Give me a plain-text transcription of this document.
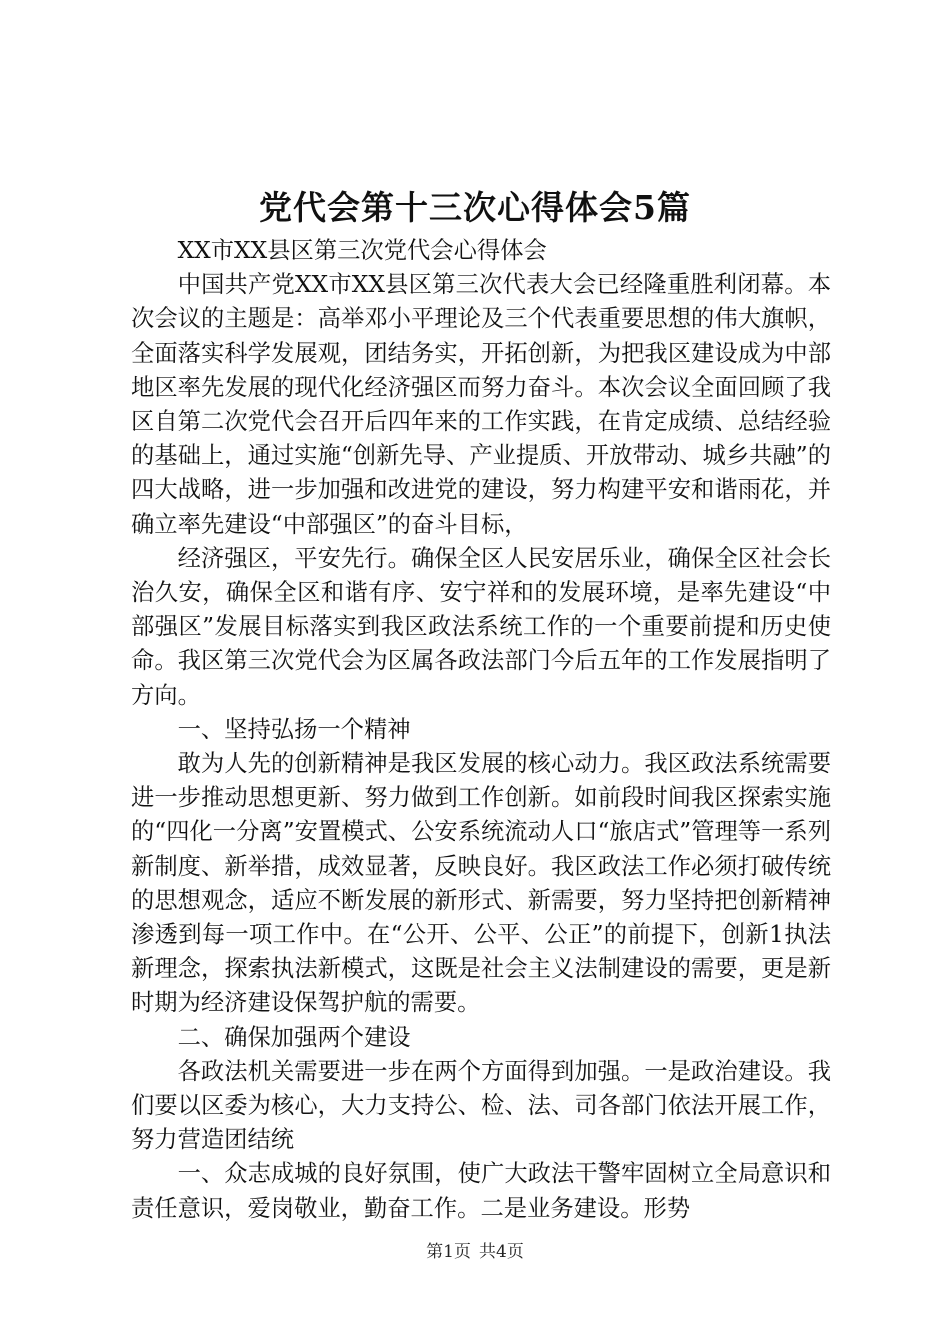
党代会第十三次心得体会5篇

XX市XX县区第三次党代会心得体会

中国共产党XX市XX县区第三次代表大会已经隆重胜利闭幕。本次会议的主题是：高举邓小平理论及三个代表重要思想的伟大旗帜，全面落实科学发展观，团结务实，开拓创新，为把我区建设成为中部地区率先发展的现代化经济强区而努力奋斗。本次会议全面回顾了我区自第二次党代会召开后四年来的工作实践，在肯定成绩、总结经验的基础上，通过实施“创新先导、产业提质、开放带动、城乡共融”的四大战略，进一步加强和改进党的建设，努力构建平安和谐雨花，并确立率先建设“中部强区”的奋斗目标，

经济强区，平安先行。确保全区人民安居乐业，确保全区社会长治久安，确保全区和谐有序、安宁祥和的发展环境，是率先建设“中部强区”发展目标落实到我区政法系统工作的一个重要前提和历史使命。我区第三次党代会为区属各政法部门今后五年的工作发展指明了方向。

一、坚持弘扬一个精神

敢为人先的创新精神是我区发展的核心动力。我区政法系统需要进一步推动思想更新、努力做到工作创新。如前段时间我区探索实施的“四化一分离”安置模式、公安系统流动人口“旅店式”管理等一系列新制度、新举措，成效显著，反映良好。我区政法工作必须打破传统的思想观念，适应不断发展的新形式、新需要，努力坚持把创新精神渗透到每一项工作中。在“公开、公平、公正”的前提下，创新1执法新理念，探索执法新模式，这既是社会主义法制建设的需要，更是新时期为经济建设保驾护航的需要。

二、确保加强两个建设

各政法机关需要进一步在两个方面得到加强。一是政治建设。我们要以区委为核心，大力支持公、检、法、司各部门依法开展工作，努力营造团结统

一、众志成城的良好氛围，使广大政法干警牢固树立全局意识和责任意识，爱岗敬业，勤奋工作。二是业务建设。形势

第1页 共4页
